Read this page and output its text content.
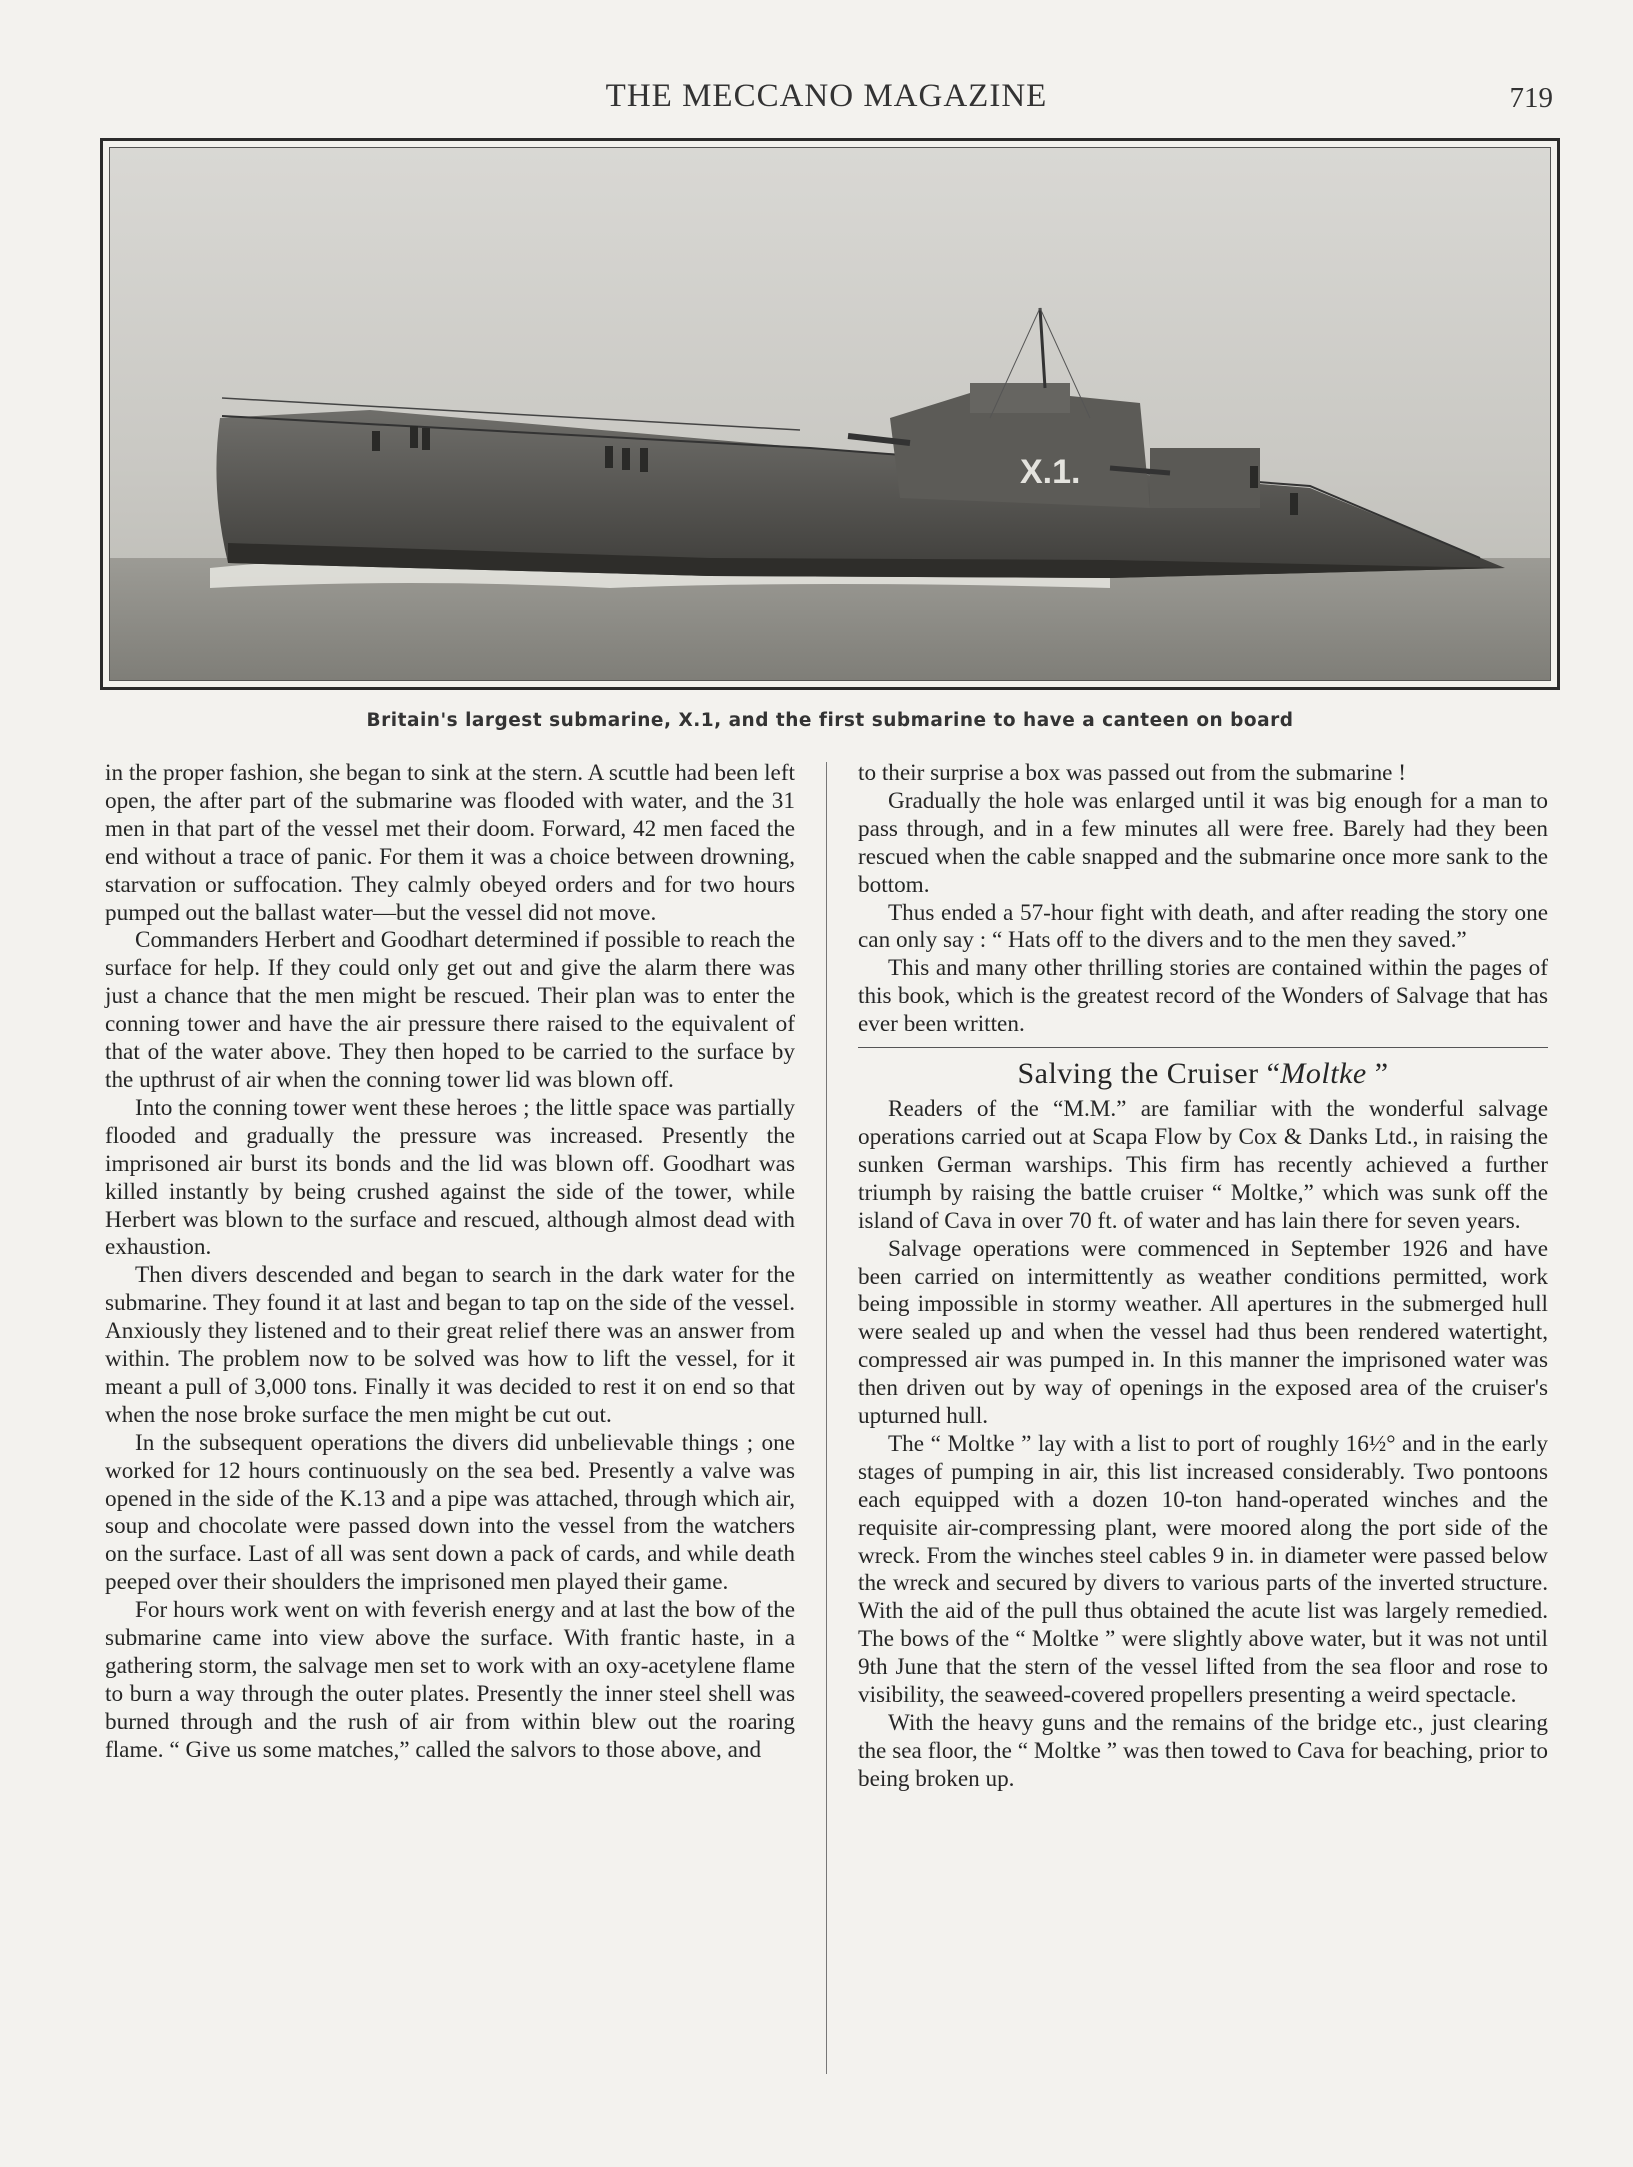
THE MECCANO MAGAZINE	719
X.1.
Britain's largest submarine, X.1, and the first submarine to have a canteen on board

in the proper fashion, she began to sink at the stern. A scuttle had been left open, the after part of the submarine was flooded with water, and the 31 men in that part of the vessel met their doom. Forward, 42 men faced the end without a trace of panic. For them it was a choice between drowning, starvation or suffocation. They calmly obeyed orders and for two hours pumped out the ballast water—but the vessel did not move.

Commanders Herbert and Goodhart determined if possible to reach the surface for help. If they could only get out and give the alarm there was just a chance that the men might be rescued. Their plan was to enter the conning tower and have the air pressure there raised to the equivalent of that of the water above. They then hoped to be carried to the surface by the upthrust of air when the conning tower lid was blown off.

Into the conning tower went these heroes ; the little space was partially flooded and gradually the pressure was increased. Presently the imprisoned air burst its bonds and the lid was blown off. Goodhart was killed instantly by being crushed against the side of the tower, while Herbert was blown to the surface and rescued, although almost dead with exhaustion.

Then divers descended and began to search in the dark water for the submarine. They found it at last and began to tap on the side of the vessel. Anxiously they listened and to their great relief there was an answer from within. The problem now to be solved was how to lift the vessel, for it meant a pull of 3,000 tons. Finally it was decided to rest it on end so that when the nose broke surface the men might be cut out.

In the subsequent operations the divers did unbelievable things ; one worked for 12 hours continuously on the sea bed. Presently a valve was opened in the side of the K.13 and a pipe was attached, through which air, soup and chocolate were passed down into the vessel from the watchers on the surface. Last of all was sent down a pack of cards, and while death peeped over their shoulders the imprisoned men played their game.

For hours work went on with feverish energy and at last the bow of the submarine came into view above the surface. With frantic haste, in a gathering storm, the salvage men set to work with an oxy-acetylene flame to burn a way through the outer plates. Presently the inner steel shell was burned through and the rush of air from within blew out the roaring flame. “ Give us some matches,” called the salvors to those above, and

to their surprise a box was passed out from the submarine !

Gradually the hole was enlarged until it was big enough for a man to pass through, and in a few minutes all were free. Barely had they been rescued when the cable snapped and the submarine once more sank to the bottom.

Thus ended a 57-hour fight with death, and after reading the story one can only say : “ Hats off to the divers and to the men they saved.”

This and many other thrilling stories are contained within the pages of this book, which is the greatest record of the Wonders of Salvage that has ever been written.

Salving the Cruiser “Moltke ”

Readers of the “M.M.” are familiar with the wonderful salvage operations carried out at Scapa Flow by Cox & Danks Ltd., in raising the sunken German warships. This firm has recently achieved a further triumph by raising the battle cruiser “ Moltke,” which was sunk off the island of Cava in over 70 ft. of water and has lain there for seven years.

Salvage operations were commenced in September 1926 and have been carried on intermittently as weather conditions permitted, work being impossible in stormy weather. All apertures in the submerged hull were sealed up and when the vessel had thus been rendered watertight, compressed air was pumped in. In this manner the imprisoned water was then driven out by way of openings in the exposed area of the cruiser's upturned hull.

The “ Moltke ” lay with a list to port of roughly 16½° and in the early stages of pumping in air, this list increased considerably. Two pontoons each equipped with a dozen 10-ton hand-operated winches and the requisite air-compressing plant, were moored along the port side of the wreck. From the winches steel cables 9 in. in diameter were passed below the wreck and secured by divers to various parts of the inverted structure. With the aid of the pull thus obtained the acute list was largely remedied. The bows of the “ Moltke ” were slightly above water, but it was not until 9th June that the stern of the vessel lifted from the sea floor and rose to visibility, the seaweed-covered propellers presenting a weird spectacle.

With the heavy guns and the remains of the bridge etc., just clearing the sea floor, the “ Moltke ” was then towed to Cava for beaching, prior to being broken up.
